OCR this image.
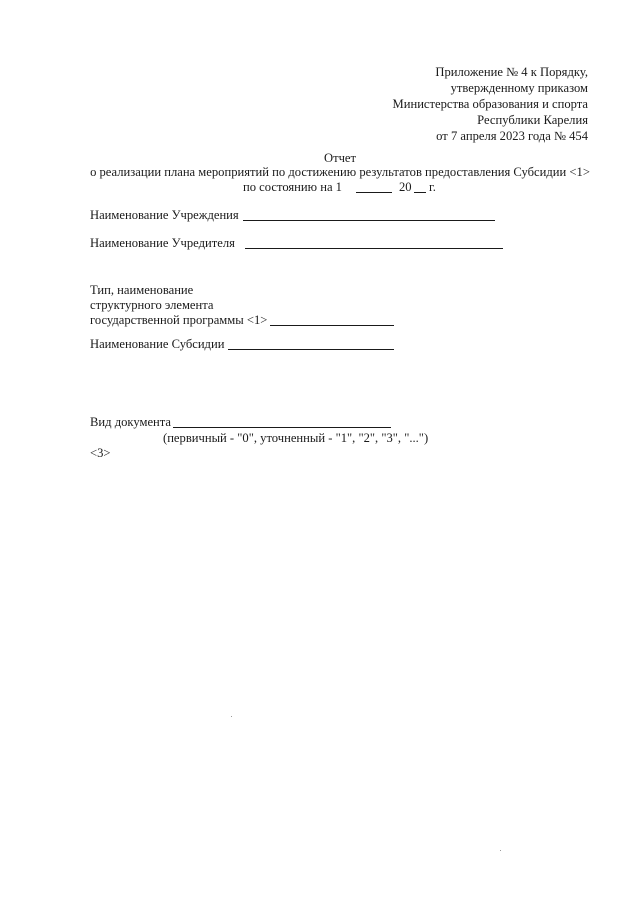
Приложение № 4 к Порядку,
утвержденному приказом
Министерства образования и спорта
Республики Карелия
от 7 апреля 2023 года № 454
Отчет
о реализации плана мероприятий по достижению результатов предоставления Субсидии <1>
по состоянию на 1	20 г.
Наименование Учреждения
Наименование Учредителя
Тип, наименование
структурного элемента
государственной программы <1>
Наименование Субсидии
Вид документа
(первичный - "0", уточненный - "1", "2", "3", "...")
<3>
